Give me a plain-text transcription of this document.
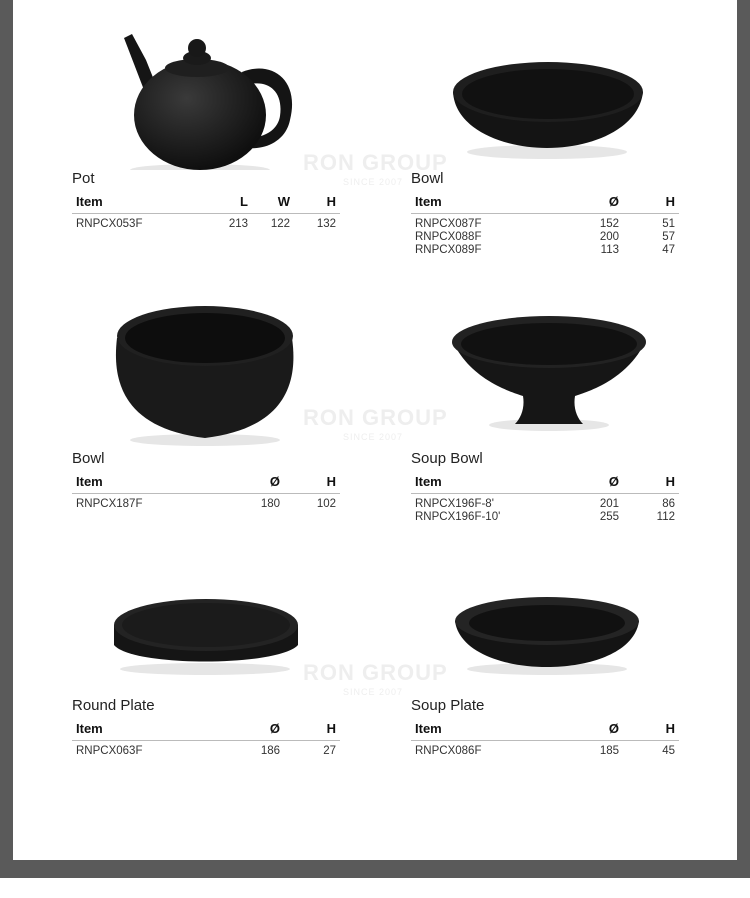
RON GROUP
SINCE 2007
RON GROUP
SINCE 2007
RON GROUP
SINCE 2007
Pot
Item	L	W	H
RNPCX053F	213	122	132
Bowl
Item	Ø	H
RNPCX087F	152	51
RNPCX088F	200	57
RNPCX089F	113	47
Bowl
Item	Ø	H
RNPCX187F	180	102
Soup Bowl
Item	Ø	H
RNPCX196F-8'	201	86
RNPCX196F-10'	255	112
Round Plate
Item	Ø	H
RNPCX063F	186	27
Soup Plate
Item	Ø	H
RNPCX086F	185	45
